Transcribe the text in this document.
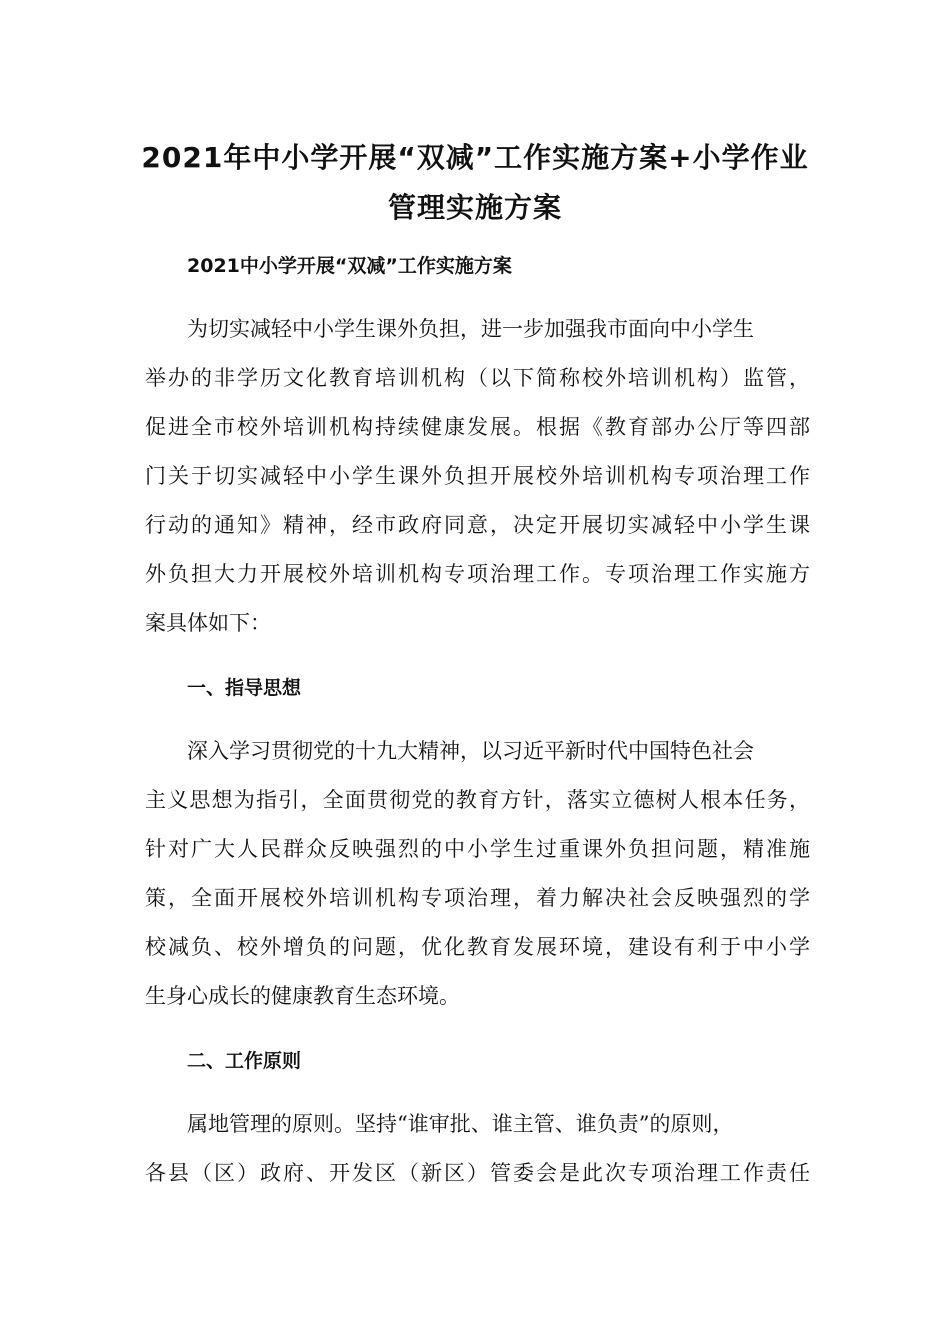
2021年中小学开展“双减”工作实施方案+小学作业
管理实施方案

2021中小学开展“双减”工作实施方案

为切实减轻中小学生课外负担，进一步加强我市面向中小学生

举办的非学历文化教育培训机构（以下简称校外培训机构）监管，

促进全市校外培训机构持续健康发展。根据《教育部办公厅等四部

门关于切实减轻中小学生课外负担开展校外培训机构专项治理工作

行动的通知》精神，经市政府同意，决定开展切实减轻中小学生课

外负担大力开展校外培训机构专项治理工作。专项治理工作实施方

案具体如下：

一、指导思想

深入学习贯彻党的十九大精神，以习近平新时代中国特色社会

主义思想为指引，全面贯彻党的教育方针，落实立德树人根本任务，

针对广大人民群众反映强烈的中小学生过重课外负担问题，精准施

策，全面开展校外培训机构专项治理，着力解决社会反映强烈的学

校减负、校外增负的问题，优化教育发展环境，建设有利于中小学

生身心成长的健康教育生态环境。

二、工作原则

属地管理的原则。坚持“谁审批、谁主管、谁负责”的原则，

各县（区）政府、开发区（新区）管委会是此次专项治理工作责任
